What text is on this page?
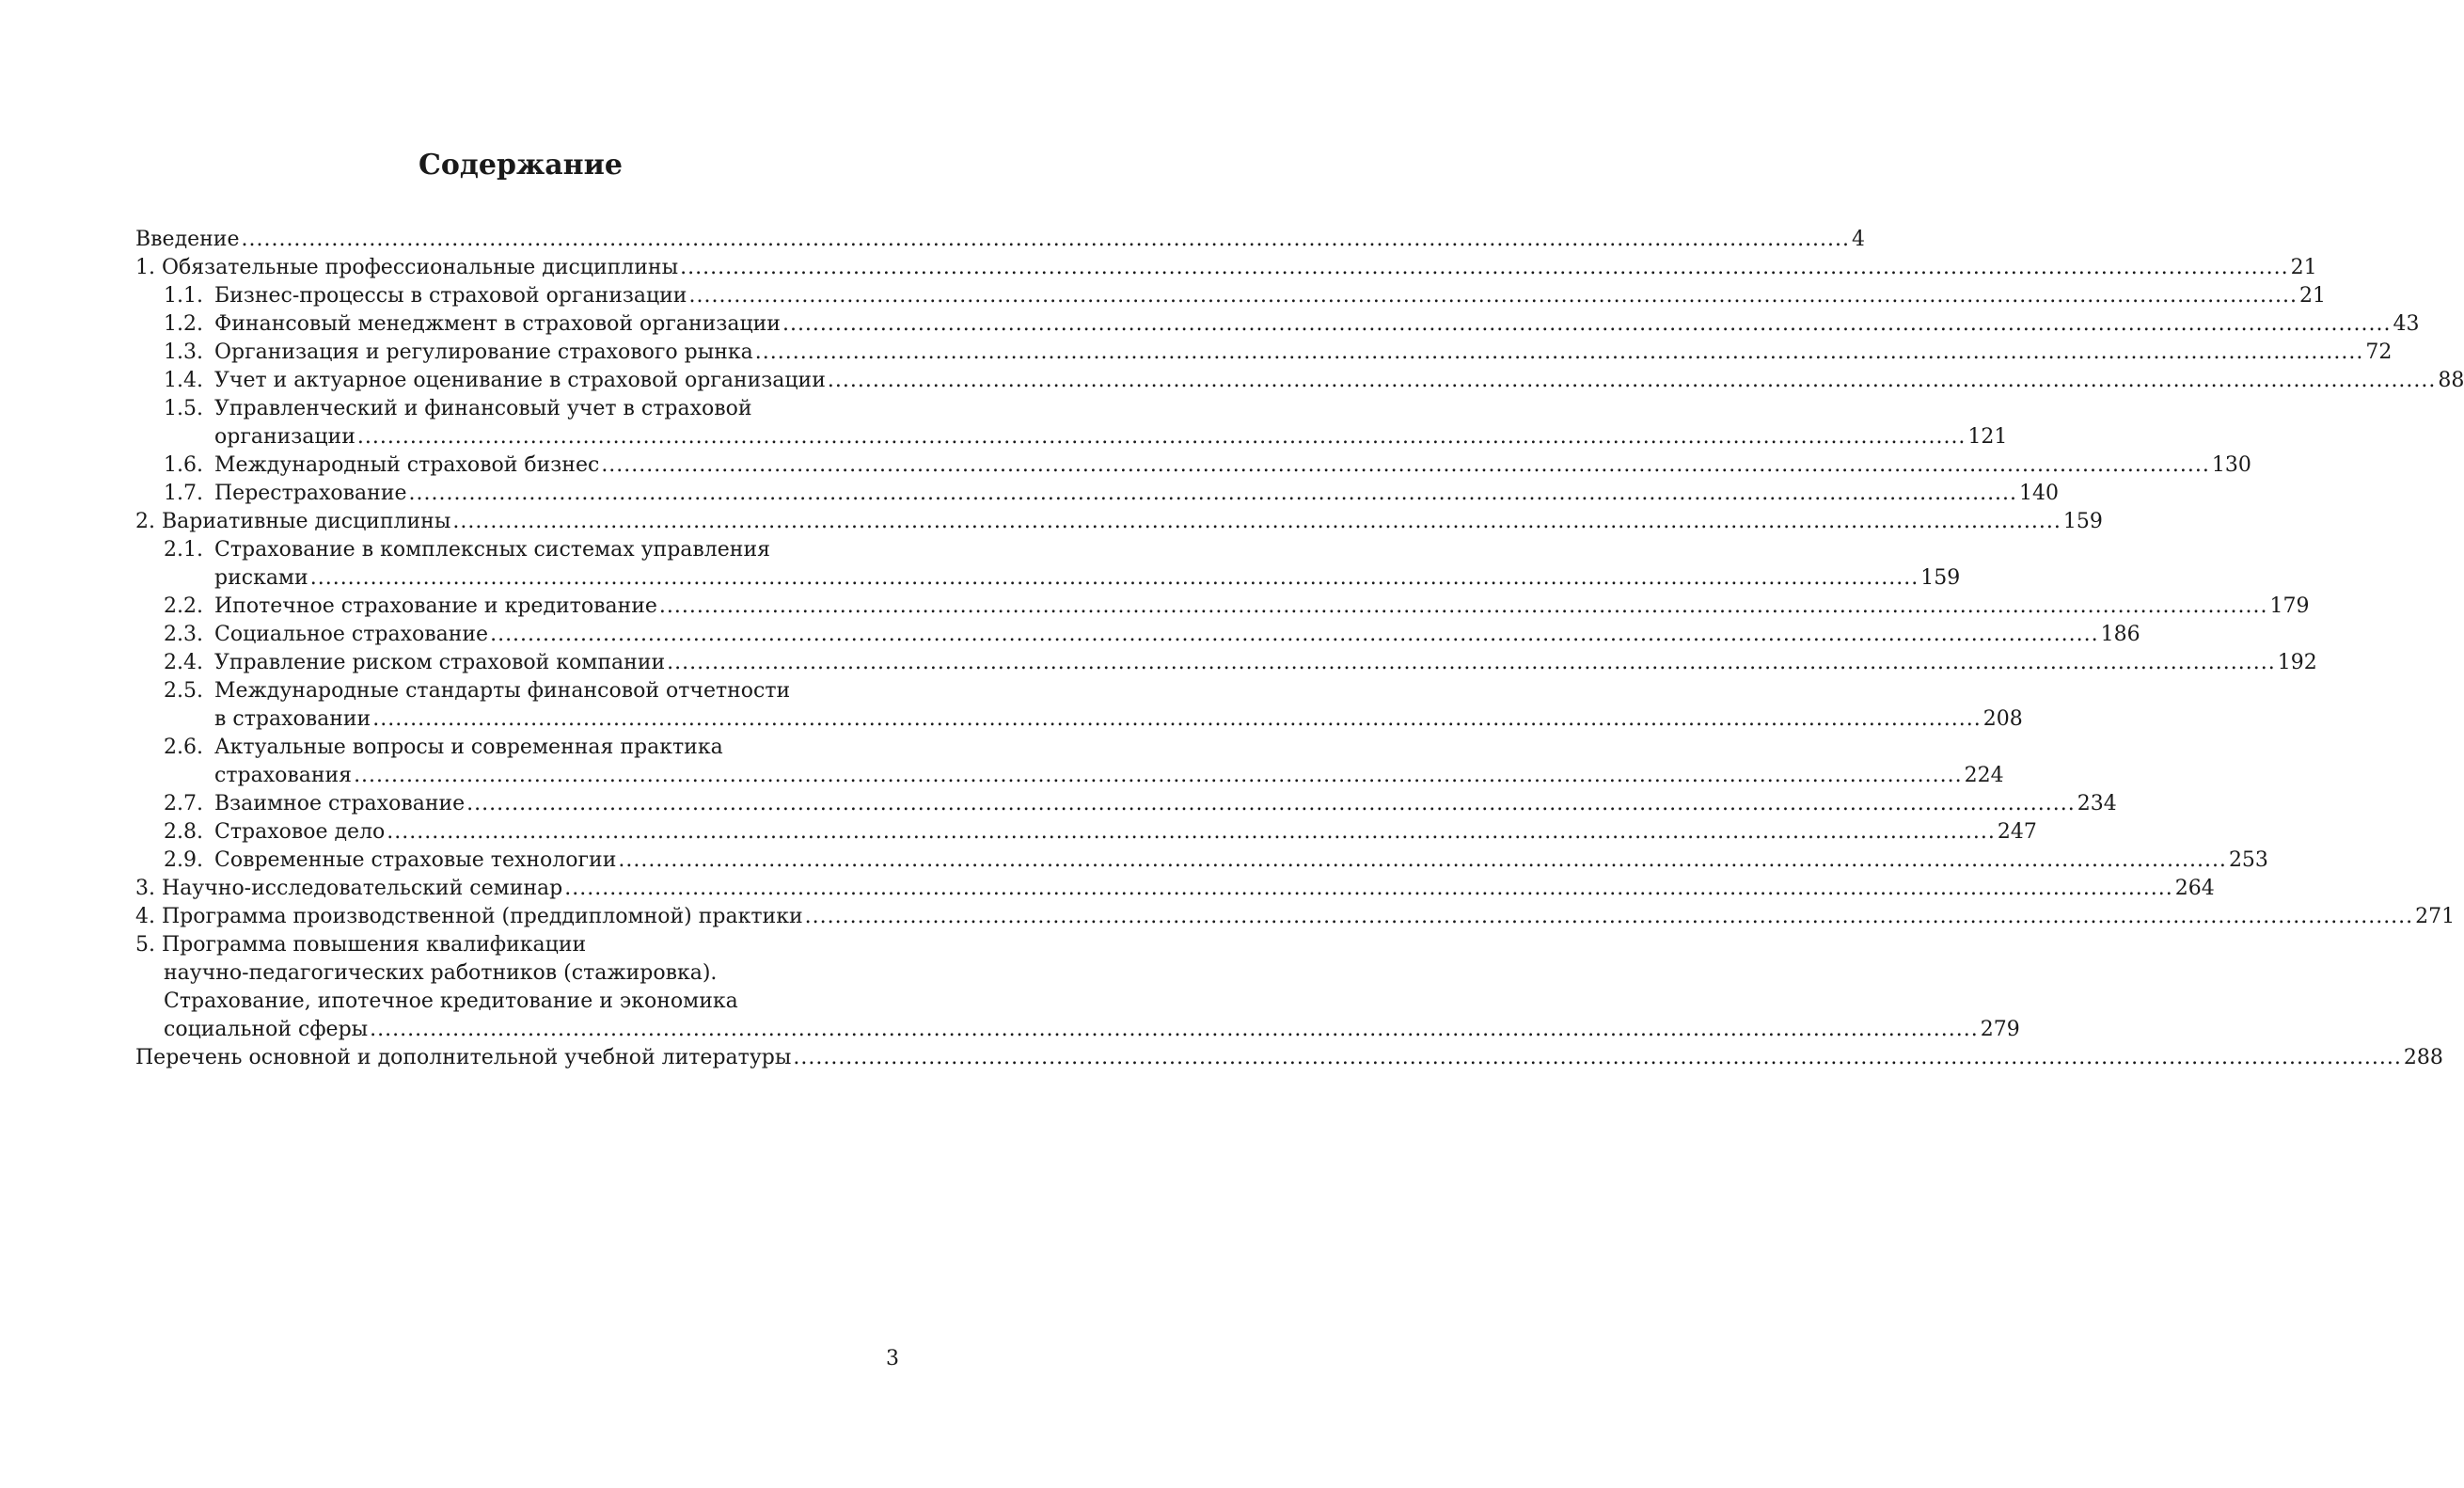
Содержание
Введение ...................................................................................................................................................................................................................... 4
1. Обязательные профессиональные дисциплины ...................................................................................................................................................................................................................... 21
1.1. Бизнес-процессы в страховой организации ...................................................................................................................................................................................................................... 21
1.2. Финансовый менеджмент в страховой организации ...................................................................................................................................................................................................................... 43
1.3. Организация и регулирование страхового рынка ...................................................................................................................................................................................................................... 72
1.4. Учет и актуарное оценивание в страховой организации ...................................................................................................................................................................................................................... 88
1.5. Управленческий и финансовый учет в страховой
организации ...................................................................................................................................................................................................................... 121
1.6. Международный страховой бизнес ...................................................................................................................................................................................................................... 130
1.7. Перестрахование ...................................................................................................................................................................................................................... 140
2. Вариативные дисциплины ...................................................................................................................................................................................................................... 159
2.1. Страхование в комплексных системах управления
рисками ...................................................................................................................................................................................................................... 159
2.2. Ипотечное страхование и кредитование ...................................................................................................................................................................................................................... 179
2.3. Социальное страхование ...................................................................................................................................................................................................................... 186
2.4. Управление риском страховой компании ...................................................................................................................................................................................................................... 192
2.5. Международные стандарты финансовой отчетности
в страховании ...................................................................................................................................................................................................................... 208
2.6. Актуальные вопросы и современная практика
страхования ...................................................................................................................................................................................................................... 224
2.7. Взаимное страхование ...................................................................................................................................................................................................................... 234
2.8. Страховое дело ...................................................................................................................................................................................................................... 247
2.9. Современные страховые технологии ...................................................................................................................................................................................................................... 253
3. Научно-исследовательский семинар ...................................................................................................................................................................................................................... 264
4. Программа производственной (преддипломной) практики ...................................................................................................................................................................................................................... 271
5. Программа повышения квалификации
научно-педагогических работников (стажировка).
Страхование, ипотечное кредитование и экономика
социальной сферы ...................................................................................................................................................................................................................... 279
Перечень основной и дополнительной учебной литературы ...................................................................................................................................................................................................................... 288
3
